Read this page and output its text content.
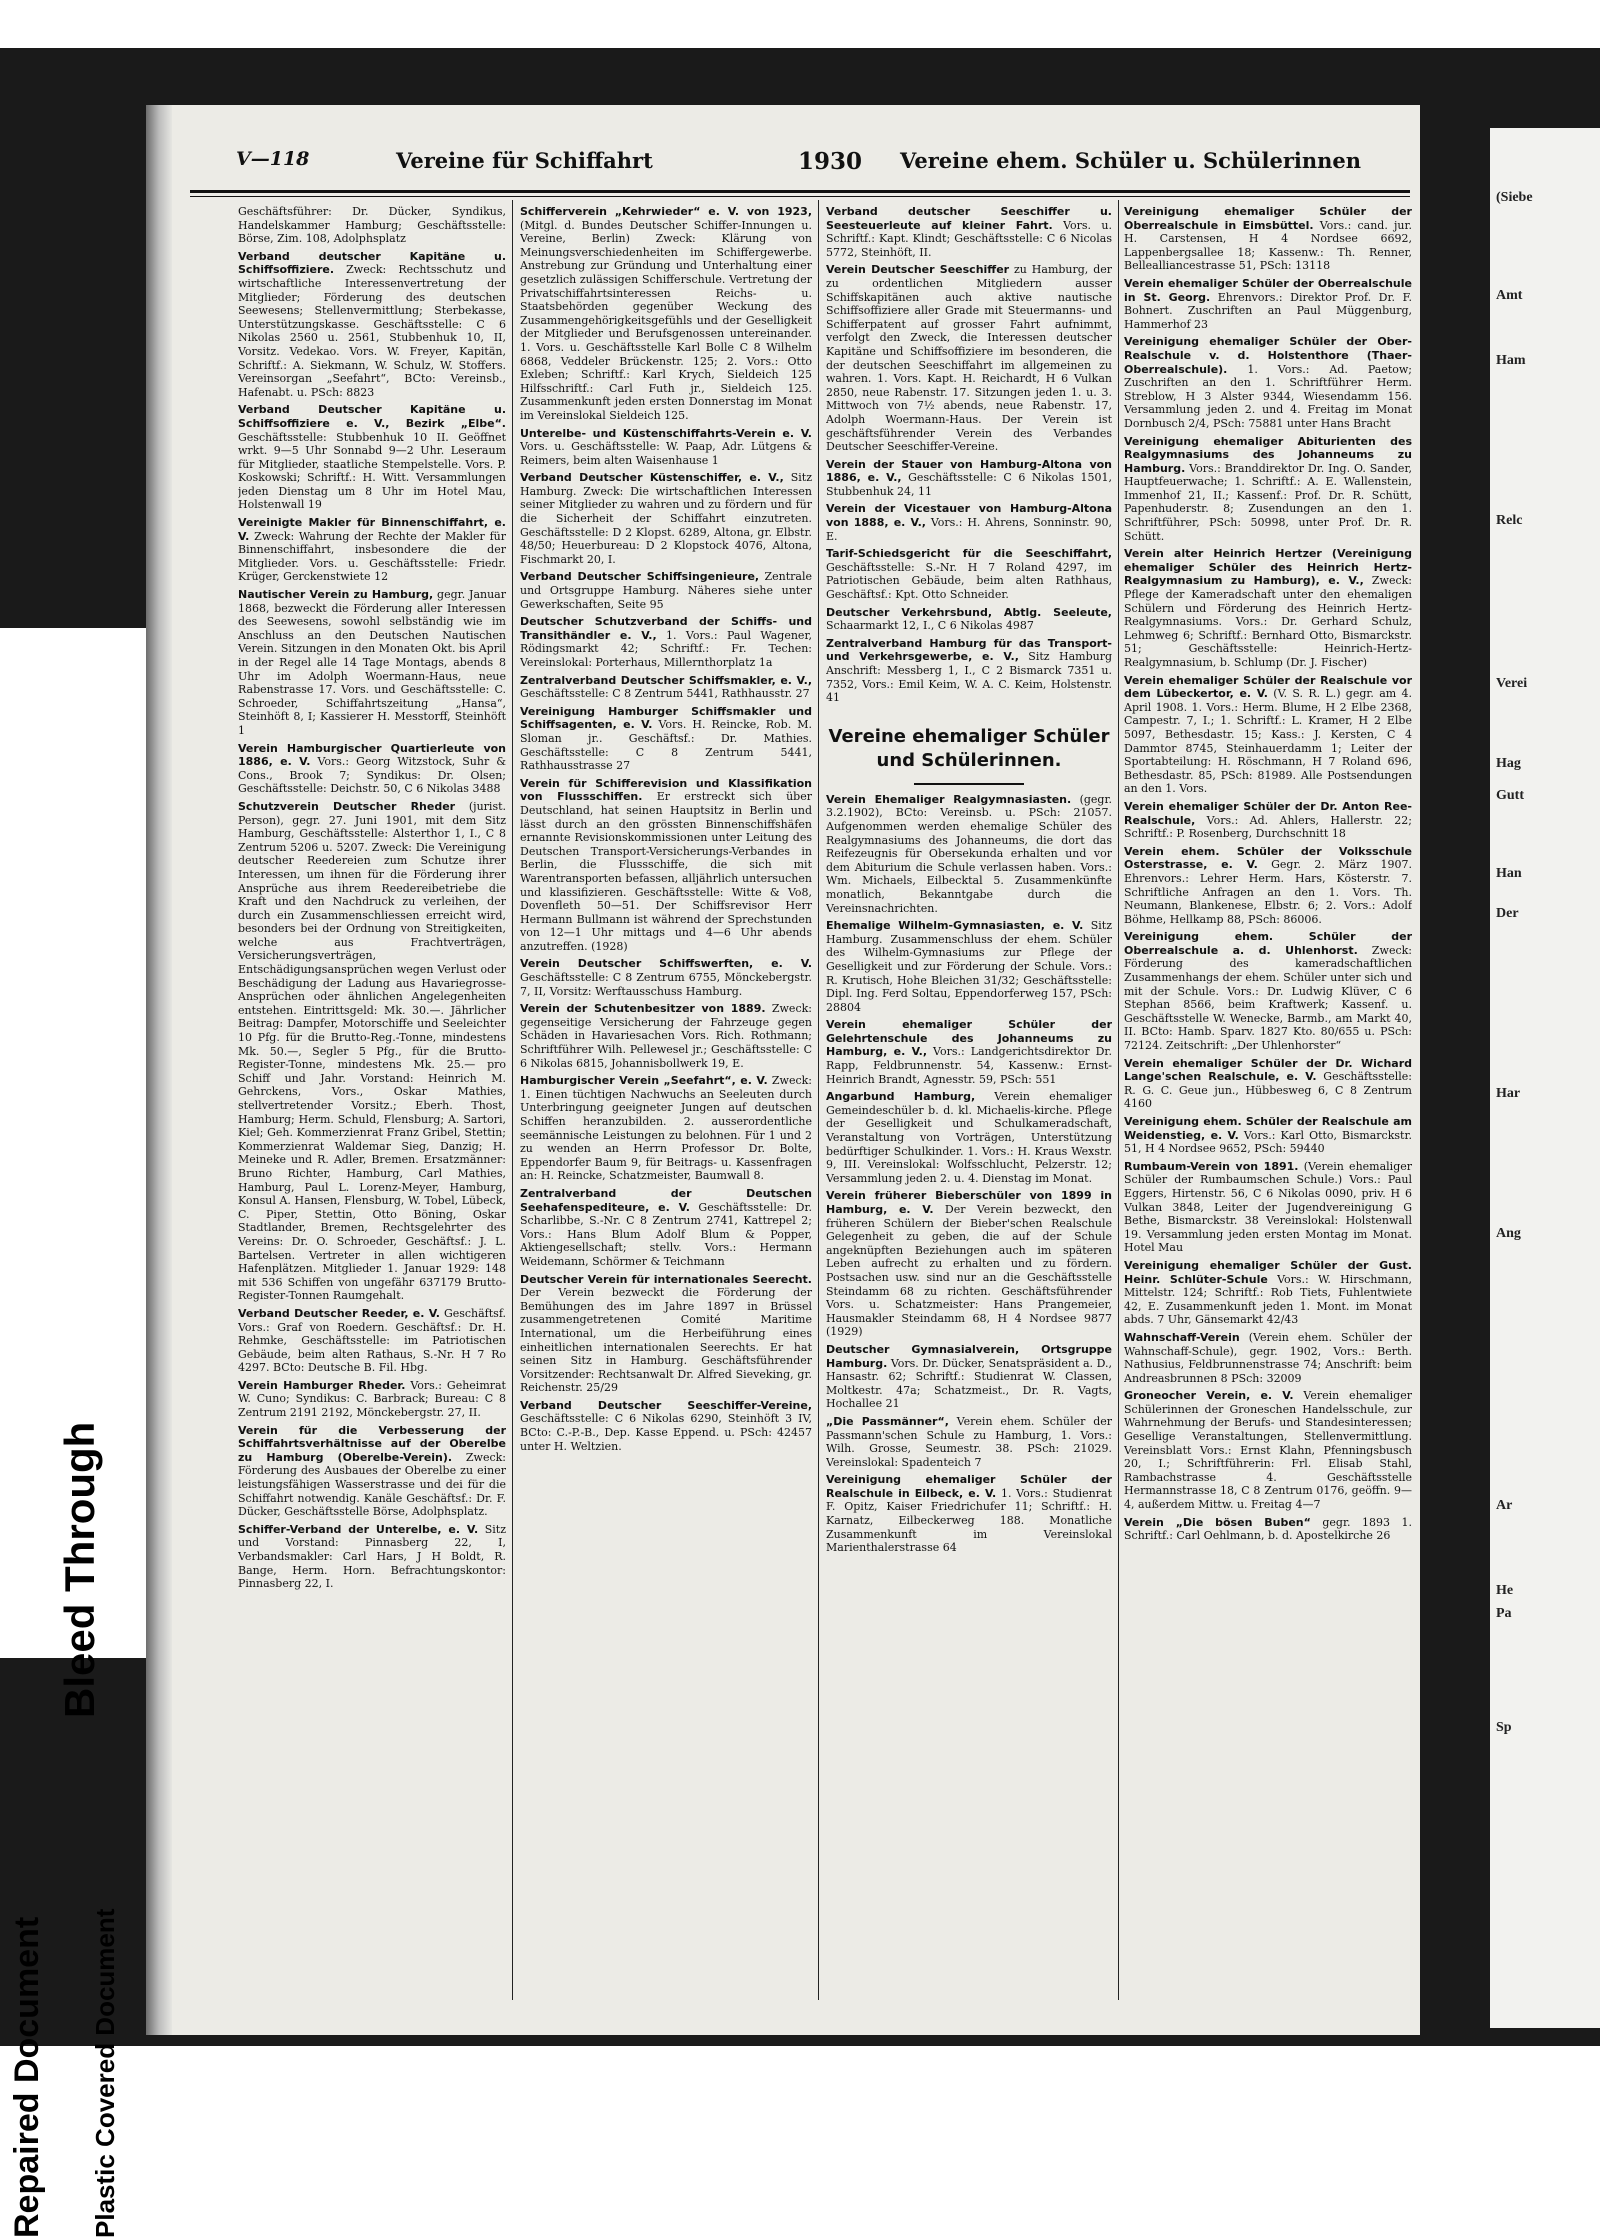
(Siebe
Amt
Ham
Relc
Verei
Hag
Gutt
Han
Der
Har
Ang
Ar
He
Pa
Sp
Bleed Through
Repaired Document Plastic Covered Document
V—118	Vereine für Schiffahrt	1930 Vereine ehem. Schüler u. Schülerinnen

Geschäftsführer: Dr. Dücker, Syndikus, Handelskammer Hamburg; Geschäftsstelle: Börse, Zim. 108, Adolphsplatz

Verband deutscher Kapitäne u. Schiffsoffiziere. Zweck: Rechtsschutz und wirtschaftliche Interessenvertretung der Mitglieder; Förderung des deutschen Seewesens; Stellenvermittlung; Sterbekasse, Unterstützungskasse. Geschäftsstelle: C 6 Nikolas 2560 u. 2561, Stubbenhuk 10, II, Vorsitz. Vedekao. Vors. W. Freyer, Kapitän, Schriftf.: A. Siekmann, W. Schulz, W. Stoffers. Vereinsorgan „Seefahrt“, BCto: Vereinsb., Hafenabt. u. PSch: 8823

Verband Deutscher Kapitäne u. Schiffsoffiziere e. V., Bezirk „Elbe“. Geschäftsstelle: Stubbenhuk 10 II. Geöffnet wrkt. 9—5 Uhr Sonnabd 9—2 Uhr. Leseraum für Mitglieder, staatliche Stempelstelle. Vors. P. Koskowski; Schriftf.: H. Witt. Versammlungen jeden Dienstag um 8 Uhr im Hotel Mau, Holstenwall 19

Vereinigte Makler für Binnenschiffahrt, e. V. Zweck: Wahrung der Rechte der Makler für Binnenschiffahrt, insbesondere die der Mitglieder. Vors. u. Geschäftsstelle: Friedr. Krüger, Gerckenstwiete 12

Nautischer Verein zu Hamburg, gegr. Januar 1868, bezweckt die Förderung aller Interessen des Seewesens, sowohl selbständig wie im Anschluss an den Deutschen Nautischen Verein. Sitzungen in den Monaten Okt. bis April in der Regel alle 14 Tage Montags, abends 8 Uhr im Adolph Woermann-Haus, neue Rabenstrasse 17. Vors. und Geschäftsstelle: C. Schroeder, Schiffahrtszeitung „Hansa“, Steinhöft 8, I; Kassierer H. Messtorff, Steinhöft 1

Verein Hamburgischer Quartierleute von 1886, e. V. Vors.: Georg Witzstock, Suhr & Cons., Brook 7; Syndikus: Dr. Olsen; Geschäftsstelle: Deichstr. 50, C 6 Nikolas 3488

Schutzverein Deutscher Rheder (jurist. Person), gegr. 27. Juni 1901, mit dem Sitz Hamburg, Geschäftsstelle: Alsterthor 1, I., C 8 Zentrum 5206 u. 5207. Zweck: Die Vereinigung deutscher Reedereien zum Schutze ihrer Interessen, um ihnen für die Förderung ihrer Ansprüche aus ihrem Reedereibetriebe die Kraft und den Nachdruck zu verleihen, der durch ein Zusammenschliessen erreicht wird, besonders bei der Ordnung von Streitigkeiten, welche aus Frachtverträgen, Versicherungsverträgen, Entschädigungsansprüchen wegen Verlust oder Beschädigung der Ladung aus Havariegrosse-Ansprüchen oder ähnlichen Angelegenheiten entstehen. Eintrittsgeld: Mk. 30.—. Jährlicher Beitrag: Dampfer, Motorschiffe und Seeleichter 10 Pfg. für die Brutto-Reg.-Tonne, mindestens Mk. 50.—, Segler 5 Pfg., für die Brutto-Register-Tonne, mindestens Mk. 25.— pro Schiff und Jahr. Vorstand: Heinrich M. Gehrckens, Vors., Oskar Mathies, stellvertretender Vorsitz.; Eberh. Thost, Hamburg; Herm. Schuld, Flensburg; A. Sartori, Kiel; Geh. Kommerzienrat Franz Gribel, Stettin; Kommerzienrat Waldemar Sieg, Danzig; H. Meineke und R. Adler, Bremen. Ersatzmänner: Bruno Richter, Hamburg, Carl Mathies, Hamburg, Paul L. Lorenz-Meyer, Hamburg, Konsul A. Hansen, Flensburg, W. Tobel, Lübeck, C. Piper, Stettin, Otto Böning, Oskar Stadtlander, Bremen, Rechtsgelehrter des Vereins: Dr. O. Schroeder, Geschäftsf.: J. L. Bartelsen. Vertreter in allen wichtigeren Hafenplätzen. Mitglieder 1. Januar 1929: 148 mit 536 Schiffen von ungefähr 637179 Brutto-Register-Tonnen Raumgehalt.

Verband Deutscher Reeder, e. V. Geschäftsf. Vors.: Graf von Roedern. Geschäftsf.: Dr. H. Rehmke, Geschäftsstelle: im Patriotischen Gebäude, beim alten Rathaus, S.-Nr. H 7 Ro 4297. BCto: Deutsche B. Fil. Hbg.

Verein Hamburger Rheder. Vors.: Geheimrat W. Cuno; Syndikus: C. Barbrack; Bureau: C 8 Zentrum 2191 2192, Mönckebergstr. 27, II.

Verein für die Verbesserung der Schiffahrtsverhältnisse auf der Oberelbe zu Hamburg (Oberelbe-Verein). Zweck: Förderung des Ausbaues der Oberelbe zu einer leistungsfähigen Wasserstrasse und dei für die Schiffahrt notwendig. Kanäle Geschäftsf.: Dr. F. Dücker, Geschäftsstelle Börse, Adolphsplatz.

Schiffer-Verband der Unterelbe, e. V. Sitz und Vorstand: Pinnasberg 22, I, Verbandsmakler: Carl Hars, J H Boldt, R. Bange, Herm. Horn. Befrachtungskontor: Pinnasberg 22, I.

Schifferverein „Kehrwieder“ e. V. von 1923, (Mitgl. d. Bundes Deutscher Schiffer-Innungen u. Vereine, Berlin) Zweck: Klärung von Meinungsverschiedenheiten im Schiffergewerbe. Anstrebung zur Gründung und Unterhaltung einer gesetzlich zulässigen Schifferschule. Vertretung der Privatschiffahrtsinteressen Reichs- u. Staatsbehörden gegenüber Weckung des Zusammengehörigkeitsgefühls und der Geselligkeit der Mitglieder und Berufsgenossen untereinander. 1. Vors. u. Geschäftsstelle Karl Bolle C 8 Wilhelm 6868, Veddeler Brückenstr. 125; 2. Vors.: Otto Exleben; Schriftf.: Karl Krych, Sieldeich 125 Hilfsschriftf.: Carl Futh jr., Sieldeich 125. Zusammenkunft jeden ersten Donnerstag im Monat im Vereinslokal Sieldeich 125.

Unterelbe- und Küstenschiffahrts-Verein e. V. Vors. u. Geschäftsstelle: W. Paap, Adr. Lütgens & Reimers, beim alten Waisenhause 1

Verband Deutscher Küstenschiffer, e. V., Sitz Hamburg. Zweck: Die wirtschaftlichen Interessen seiner Mitglieder zu wahren und zu fördern und für die Sicherheit der Schiffahrt einzutreten. Geschäftsstelle: D 2 Klopst. 6289, Altona, gr. Elbstr. 48/50; Heuerbureau: D 2 Klopstock 4076, Altona, Fischmarkt 20, I.

Verband Deutscher Schiffsingenieure, Zentrale und Ortsgruppe Hamburg. Näheres siehe unter Gewerkschaften, Seite 95

Deutscher Schutzverband der Schiffs- und Transithändler e. V., 1. Vors.: Paul Wagener, Rödingsmarkt 42; Schriftf.: Fr. Techen: Vereinslokal: Porterhaus, Millernthorplatz 1a

Zentralverband Deutscher Schiffsmakler, e. V., Geschäftsstelle: C 8 Zentrum 5441, Rathhausstr. 27

Vereinigung Hamburger Schiffsmakler und Schiffsagenten, e. V. Vors. H. Reincke, Rob. M. Sloman jr.. Geschäftsf.: Dr. Mathies. Geschäftsstelle: C 8 Zentrum 5441, Rathhausstrasse 27

Verein für Schifferevision und Klassifikation von Flussschiffen. Er erstreckt sich über Deutschland, hat seinen Hauptsitz in Berlin und lässt durch an den grössten Binnenschiffshäfen ernannte Revisionskommissionen unter Leitung des Deutschen Transport-Versicherungs-Verbandes in Berlin, die Flussschiffe, die sich mit Warentransporten befassen, alljährlich untersuchen und klassifizieren. Geschäftsstelle: Witte & Vo8, Dovenfleth 50—51. Der Schiffsrevisor Herr Hermann Bullmann ist während der Sprechstunden von 12—1 Uhr mittags und 4—6 Uhr abends anzutreffen. (1928)

Verein Deutscher Schiffswerften, e. V. Geschäftsstelle: C 8 Zentrum 6755, Mönckebergstr. 7, II, Vorsitz: Werftausschuss Hamburg.

Verein der Schutenbesitzer von 1889. Zweck: gegenseitige Versicherung der Fahrzeuge gegen Schäden in Havariesachen Vors. Rich. Rothmann; Schriftführer Wilh. Pellewesel jr.; Geschäftsstelle: C 6 Nikolas 6815, Johannisbollwerk 19, E.

Hamburgischer Verein „Seefahrt“, e. V. Zweck: 1. Einen tüchtigen Nachwuchs an Seeleuten durch Unterbringung geeigneter Jungen auf deutschen Schiffen heranzubilden. 2. ausserordentliche seemännische Leistungen zu belohnen. Für 1 und 2 zu wenden an Herrn Professor Dr. Bolte, Eppendorfer Baum 9, für Beitrags- u. Kassenfragen an: H. Reincke, Schatzmeister, Baumwall 8.

Zentralverband der Deutschen Seehafenspediteure, e. V. Geschäftsstelle: Dr. Scharlibbe, S.-Nr. C 8 Zentrum 2741, Kattrepel 2; Vors.: Hans Blum Adolf Blum & Popper, Aktiengesellschaft; stellv. Vors.: Hermann Weidemann, Schörmer & Teichmann

Deutscher Verein für internationales Seerecht. Der Verein bezweckt die Förderung der Bemühungen des im Jahre 1897 in Brüssel zusammengetretenen Comité Maritime International, um die Herbeiführung eines einheitlichen internationalen Seerechts. Er hat seinen Sitz in Hamburg. Geschäftsführender Vorsitzender: Rechtsanwalt Dr. Alfred Sieveking, gr. Reichenstr. 25/29

Verband Deutscher Seeschiffer-Vereine, Geschäftsstelle: C 6 Nikolas 6290, Steinhöft 3 IV, BCto: C.-P.-B., Dep. Kasse Eppend. u. PSch: 42457 unter H. Weltzien.

Verband deutscher Seeschiffer u. Seesteuerleute auf kleiner Fahrt. Vors. u. Schriftf.: Kapt. Klindt; Geschäftsstelle: C 6 Nicolas 5772, Steinhöft, II.

Verein Deutscher Seeschiffer zu Hamburg, der zu ordentlichen Mitgliedern ausser Schiffskapitänen auch aktive nautische Schiffsoffiziere aller Grade mit Steuermanns- und Schifferpatent auf grosser Fahrt aufnimmt, verfolgt den Zweck, die Interessen deutscher Kapitäne und Schiffsoffiziere im besonderen, die der deutschen Seeschiffahrt im allgemeinen zu wahren. 1. Vors. Kapt. H. Reichardt, H 6 Vulkan 2850, neue Rabenstr. 17. Sitzungen jeden 1. u. 3. Mittwoch von 7½ abends, neue Rabenstr. 17, Adolph Woermann-Haus. Der Verein ist geschäftsführender Verein des Verbandes Deutscher Seeschiffer-Vereine.

Verein der Stauer von Hamburg-Altona von 1886, e. V., Geschäftsstelle: C 6 Nikolas 1501, Stubbenhuk 24, 11

Verein der Vicestauer von Hamburg-Altona von 1888, e. V., Vors.: H. Ahrens, Sonninstr. 90, E.

Tarif-Schiedsgericht für die Seeschiffahrt, Geschäftsstelle: S.-Nr. H 7 Roland 4297, im Patriotischen Gebäude, beim alten Rathhaus, Geschäftsf.: Kpt. Otto Schneider.

Deutscher Verkehrsbund, Abtlg. Seeleute, Schaarmarkt 12, I., C 6 Nikolas 4987

Zentralverband Hamburg für das Transport- und Verkehrsgewerbe, e. V., Sitz Hamburg Anschrift: Messberg 1, I., C 2 Bismarck 7351 u. 7352, Vors.: Emil Keim, W. A. C. Keim, Holstenstr. 41

Vereine ehemaliger Schüler und Schülerinnen.

Verein Ehemaliger Realgymnasiasten. (gegr. 3.2.1902), BCto: Vereinsb. u. PSch: 21057. Aufgenommen werden ehemalige Schüler des Realgymnasiums des Johanneums, die dort das Reifezeugnis für Obersekunda erhalten und vor dem Abiturium die Schule verlassen haben. Vors.: Wm. Michaels, Eilbecktal 5. Zusammenkünfte monatlich, Bekanntgabe durch die Vereinsnachrichten.

Ehemalige Wilhelm-Gymnasiasten, e. V. Sitz Hamburg. Zusammenschluss der ehem. Schüler des Wilhelm-Gymnasiums zur Pflege der Geselligkeit und zur Förderung der Schule. Vors.: R. Krutisch, Hohe Bleichen 31/32; Geschäftsstelle: Dipl. Ing. Ferd Soltau, Eppendorferweg 157, PSch: 28804

Verein ehemaliger Schüler der Gelehrtenschule des Johanneums zu Hamburg, e. V., Vors.: Landgerichtsdirektor Dr. Rapp, Feldbrunnenstr. 54, Kassenw.: Ernst-Heinrich Brandt, Agnesstr. 59, PSch: 551

Angarbund Hamburg, Verein ehemaliger Gemeindeschüler b. d. kl. Michaelis-kirche. Pflege der Geselligkeit und Schulkameradschaft, Veranstaltung von Vorträgen, Unterstützung bedürftiger Schulkinder. 1. Vors.: H. Kraus Wexstr. 9, III. Vereinslokal: Wolfsschlucht, Pelzerstr. 12; Versammlung jeden 2. u. 4. Dienstag im Monat.

Verein früherer Bieberschüler von 1899 in Hamburg, e. V. Der Verein bezweckt, den früheren Schülern der Bieber'schen Realschule Gelegenheit zu geben, die auf der Schule angeknüpften Beziehungen auch im späteren Leben aufrecht zu erhalten und zu fördern. Postsachen usw. sind nur an die Geschäftsstelle Steindamm 68 zu richten. Geschäftsführender Vors. u. Schatzmeister: Hans Prangemeier, Hausmakler Steindamm 68, H 4 Nordsee 9877 (1929)

Deutscher Gymnasialverein, Ortsgruppe Hamburg. Vors. Dr. Dücker, Senatspräsident a. D., Hansastr. 62; Schriftf.: Studienrat W. Classen, Moltkestr. 47a; Schatzmeist., Dr. R. Vagts, Hochallee 21

„Die Passmänner“, Verein ehem. Schüler der Passmann'schen Schule zu Hamburg, 1. Vors.: Wilh. Grosse, Seumestr. 38. PSch: 21029. Vereinslokal: Spadenteich 7

Vereinigung ehemaliger Schüler der Realschule in Eilbeck, e. V. 1. Vors.: Studienrat F. Opitz, Kaiser Friedrichufer 11; Schriftf.: H. Karnatz, Eilbeckerweg 188. Monatliche Zusammenkunft im Vereinslokal Marienthalerstrasse 64

Vereinigung ehemaliger Schüler der Oberrealschule in Eimsbüttel. Vors.: cand. jur. H. Carstensen, H 4 Nordsee 6692, Lappenbergsallee 18; Kassenw.: Th. Renner, Belleallianсestrasse 51, PSch: 13118

Verein ehemaliger Schüler der Oberrealschule in St. Georg. Ehrenvors.: Direktor Prof. Dr. F. Bohnert. Zuschriften an Paul Müggenburg, Hammerhof 23

Vereinigung ehemaliger Schüler der Ober-Realschule v. d. Holstenthore (Thaer-Oberrealschule). 1. Vors.: Ad. Paetow; Zuschriften an den 1. Schriftführer Herm. Streblow, H 3 Alster 9344, Wiesendamm 156. Versammlung jeden 2. und 4. Freitag im Monat Dornbusch 2/4, PSch: 75881 unter Hans Bracht

Vereinigung ehemaliger Abiturienten des Realgymnasiums des Johanneums zu Hamburg. Vors.: Branddirektor Dr. Ing. O. Sander, Hauptfeuerwache; 1. Schriftf.: A. E. Wallenstein, Immenhof 21, II.; Kassenf.: Prof. Dr. R. Schütt, Papenhuderstr. 8; Zusendungen an den 1. Schriftführer, PSch: 50998, unter Prof. Dr. R. Schütt.

Verein alter Heinrich Hertzer (Vereinigung ehemaliger Schüler des Heinrich Hertz-Realgymnasium zu Hamburg), e. V., Zweck: Pflege der Kameradschaft unter den ehemaligen Schülern und Förderung des Heinrich Hertz-Realgymnasiums. Vors.: Dr. Gerhard Schulz, Lehmweg 6; Schriftf.: Bernhard Otto, Bismarckstr. 51; Geschäftsstelle: Heinrich-Hertz-Realgymnasium, b. Schlump (Dr. J. Fischer)

Verein ehemaliger Schüler der Realschule vor dem Lübeckertor, e. V. (V. S. R. L.) gegr. am 4. April 1908. 1. Vors.: Herm. Blume, H 2 Elbe 2368, Campestr. 7, I.; 1. Schriftf.: L. Kramer, H 2 Elbe 5097, Bethesdastr. 15; Kass.: J. Kersten, C 4 Dammtor 8745, Steinhauerdamm 1; Leiter der Sportabteilung: H. Röschmann, H 7 Roland 696, Bethesdastr. 85, PSch: 81989. Alle Postsendungen an den 1. Vors.

Verein ehemaliger Schüler der Dr. Anton Ree-Realschule, Vors.: Ad. Ahlers, Hallerstr. 22; Schriftf.: P. Rosenberg, Durchschnitt 18

Verein ehem. Schüler der Volksschule Osterstrasse, e. V. Gegr. 2. März 1907. Ehrenvors.: Lehrer Herm. Hars, Kösterstr. 7. Schriftliche Anfragen an den 1. Vors. Th. Neumann, Blankenese, Elbstr. 6; 2. Vors.: Adolf Böhme, Hellkamp 88, PSch: 86006.

Vereinigung ehem. Schüler der Oberrealschule a. d. Uhlenhorst. Zweck: Förderung des kameradschaftlichen Zusammenhangs der ehem. Schüler unter sich und mit der Schule. Vors.: Dr. Ludwig Klüver, C 6 Stephan 8566, beim Kraftwerk; Kassenf. u. Geschäftsstelle W. Wenecke, Barmb., am Markt 40, II. BCto: Hamb. Sparv. 1827 Kto. 80/655 u. PSch: 72124. Zeitschrift: „Der Uhlenhorster“

Verein ehemaliger Schüler der Dr. Wichard Lange'schen Realschule, e. V. Geschäftsstelle: R. G. C. Geue jun., Hübbesweg 6, C 8 Zentrum 4160

Vereinigung ehem. Schüler der Realschule am Weidenstieg, e. V. Vors.: Karl Otto, Bismarckstr. 51, H 4 Nordsee 9652, PSch: 59440

Rumbaum-Verein von 1891. (Verein ehemaliger Schüler der Rumbaumschen Schule.) Vors.: Paul Eggers, Hirtenstr. 56, C 6 Nikolas 0090, priv. H 6 Vulkan 3848, Leiter der Jugendvereinigung G Bethe, Bismarckstr. 38 Vereinslokal: Holstenwall 19. Versammlung jeden ersten Montag im Monat. Hotel Mau

Vereinigung ehemaliger Schüler der Gust. Heinr. Schlüter-Schule Vors.: W. Hirschmann, Mittelstr. 124; Schriftf.: Rob Tiets, Fuhlentwiete 42, E. Zusammenkunft jeden 1. Mont. im Monat abds. 7 Uhr, Gänsemarkt 42/43

Wahnschaff-Verein (Verein ehem. Schüler der Wahnschaff-Schule), gegr. 1902, Vors.: Berth. Nathusius, Feldbrunnenstrasse 74; Anschrift: beim Andreasbrunnen 8 PSch: 32009

Groneocher Verein, e. V. Verein ehemaliger Schülerinnen der Groneschen Handelsschule, zur Wahrnehmung der Berufs- und Standesinteressen; Gesellige Veranstaltungen, Stellenvermittlung. Vereinsblatt Vors.: Ernst Klahn, Pfenningsbusch 20, I.; Schriftführerin: Frl. Elisab Stahl, Rambachstrasse 4. Geschäftsstelle Hermannstrasse 18, C 8 Zentrum 0176, geöffn. 9—4, außerdem Mittw. u. Freitag 4—7

Verein „Die bösen Buben“ gegr. 1893 1. Schriftf.: Carl Oehlmann, b. d. Apostelkirche 26
